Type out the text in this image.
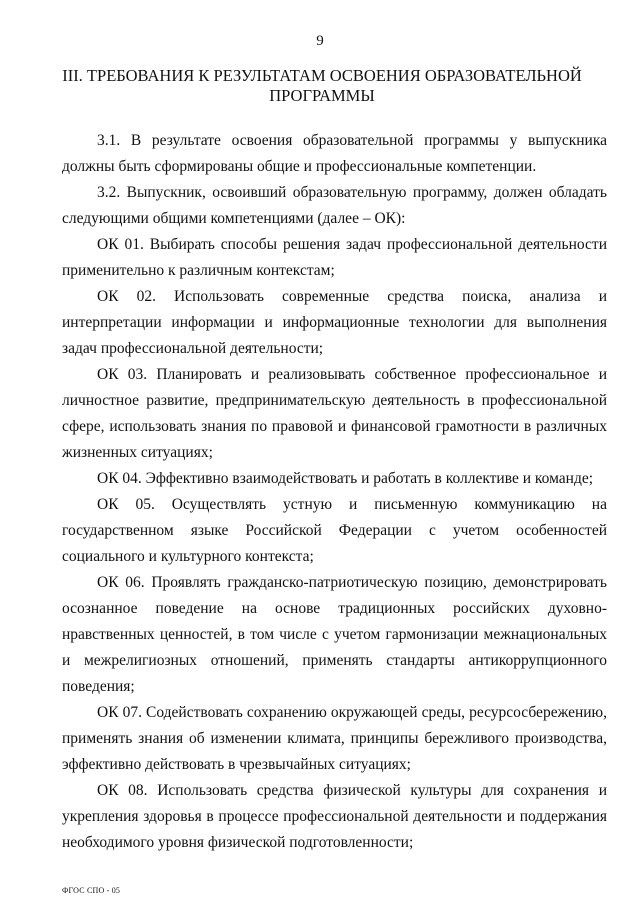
9
III. ТРЕБОВАНИЯ К РЕЗУЛЬТАТАМ ОСВОЕНИЯ ОБРАЗОВАТЕЛЬНОЙ ПРОГРАММЫ

3.1. В результате освоения образовательной программы у выпускника должны быть сформированы общие и профессиональные компетенции.

3.2. Выпускник, освоивший образовательную программу, должен обладать следующими общими компетенциями (далее – ОК):

ОК 01. Выбирать способы решения задач профессиональной деятельности применительно к различным контекстам;

ОК 02. Использовать современные средства поиска, анализа и интерпретации информации и информационные технологии для выполнения задач профессиональной деятельности;

ОК 03. Планировать и реализовывать собственное профессиональное и личностное развитие, предпринимательскую деятельность в профессиональной сфере, использовать знания по правовой и финансовой грамотности в различных жизненных ситуациях;

ОК 04. Эффективно взаимодействовать и работать в коллективе и команде;

ОК 05. Осуществлять устную и письменную коммуникацию на государственном языке Российской Федерации с учетом особенностей социального и культурного контекста;

ОК 06. Проявлять гражданско-патриотическую позицию, демонстрировать осознанное поведение на основе традиционных российских духовно-нравственных ценностей, в том числе с учетом гармонизации межнациональных и межрелигиозных отношений, применять стандарты антикоррупционного поведения;

ОК 07. Содействовать сохранению окружающей среды, ресурсосбережению, применять знания об изменении климата, принципы бережливого производства, эффективно действовать в чрезвычайных ситуациях;

ОК 08. Использовать средства физической культуры для сохранения и укрепления здоровья в процессе профессиональной деятельности и поддержания необходимого уровня физической подготовленности;

ФГОС СПО - 05
